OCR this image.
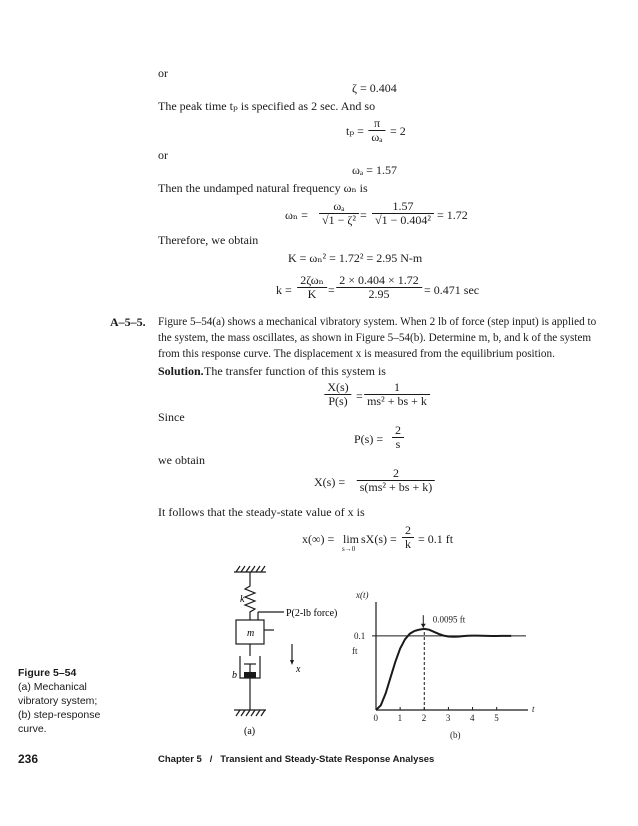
or
ζ = 0.404
The peak time tₚ is specified as 2 sec. And so
tₚ =
π
ωₐ = 2
or
ωₐ = 1.57
Then the undamped natural frequency ωₙ is
ωₙ =
ωₐ
√1 − ζ² =
1.57
√1 − 0.404² = 1.72
Therefore, we obtain
K = ωₙ² = 1.72² = 2.95 N-m
k =
2ζωₙ
K =
2 × 0.404 × 1.72
2.95	= 0.471 sec
A–5–5. Figure 5–54(a) shows a mechanical vibratory system. When 2 lb of force (step input) is applied to
the system, the mass oscillates, as shown in Figure 5–54(b). Determine m, b, and k of the system
from this response curve. The displacement x is measured from the equilibrium position.
Solution. The transfer function of this system is
X(s)
P(s) =
1
ms² + bs + k
Since
P(s) =
2
s
we obtain
X(s) =
2
s(ms² + bs + k)
It follows that the steady-state value of x is
x(∞) = lim
s→0
sX(s) =
2
k = 0.1 ft
k
P(2-lb force)
m
b
x
(a)
0 1 2 3 4 5
t
0.1
ft
x(t)
0.0095 ft
(b)
Figure 5–54
(a) Mechanical
vibratory system;
(b) step-response
curve.
236	Chapter 5   /   Transient and Steady-State Response Analyses
